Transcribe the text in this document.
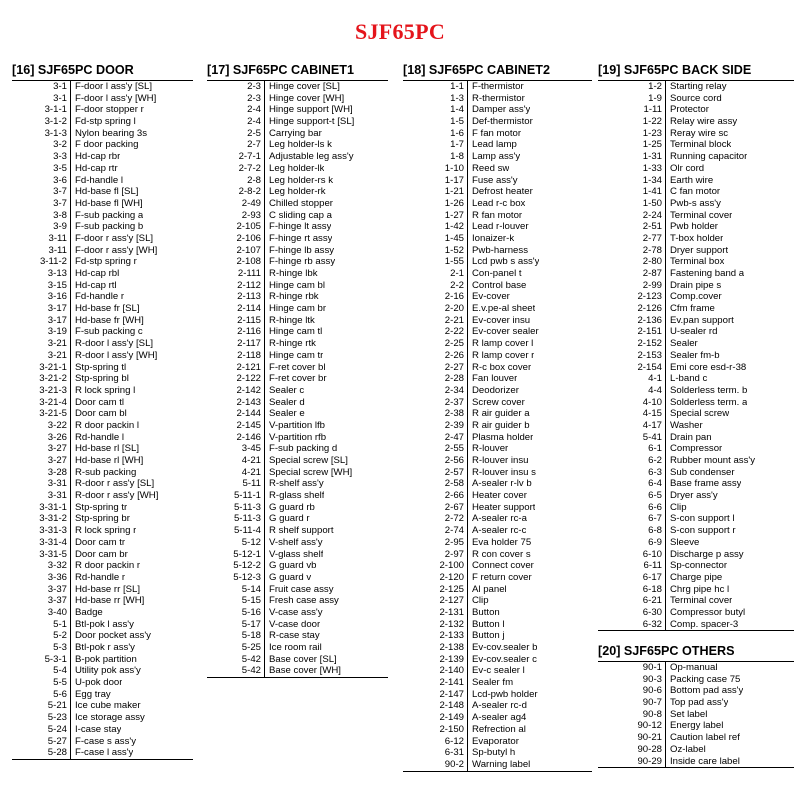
SJF65PC
[16] SJF65PC DOOR
3-1 F-door l ass'y [SL]
3-1 F-door l ass'y [WH]
3-1-1 F-door stopper r
3-1-2 Fd-stp spring l
3-1-3 Nylon bearing 3s
3-2 F door packing
3-3 Hd-cap rbr
3-5 Hd-cap rtr
3-6 Fd-handle l
3-7 Hd-base fl [SL]
3-7 Hd-base fl [WH]
3-8 F-sub packing a
3-9 F-sub packing b
3-11 F-door r ass'y [SL]
3-11 F-door r ass'y [WH]
3-11-2 Fd-stp spring r
3-13 Hd-cap rbl
3-15 Hd-cap rtl
3-16 Fd-handle r
3-17 Hd-base fr [SL]
3-17 Hd-base fr [WH]
3-19 F-sub packing c
3-21 R-door l ass'y [SL]
3-21 R-door l ass'y [WH]
3-21-1 Stp-spring tl
3-21-2 Stp-spring bl
3-21-3 R lock spring l
3-21-4 Door cam tl
3-21-5 Door cam bl
3-22 R door packin l
3-26 Rd-handle l
3-27 Hd-base rl [SL]
3-27 Hd-base rl [WH]
3-28 R-sub packing
3-31 R-door r ass'y [SL]
3-31 R-door r ass'y [WH]
3-31-1 Stp-spring tr
3-31-2 Stp-spring br
3-31-3 R lock spring r
3-31-4 Door cam tr
3-31-5 Door cam br
3-32 R door packin r
3-36 Rd-handle r
3-37 Hd-base rr [SL]
3-37 Hd-base rr [WH]
3-40 Badge
5-1 Btl-pok l ass'y
5-2 Door pocket ass'y
5-3 Btl-pok r ass'y
5-3-1 B-pok partition
5-4 Utility pok ass'y
5-5 U-pok door
5-6 Egg tray
5-21 Ice cube maker
5-23 Ice storage assy
5-24 I-case stay
5-27 F-case s ass'y
5-28 F-case l ass'y
[17] SJF65PC CABINET1
2-3 Hinge cover [SL]
2-3 Hinge cover [WH]
2-4 Hinge support [WH]
2-4 Hinge support-t [SL]
2-5 Carrying bar
2-7 Leg holder-ls k
2-7-1 Adjustable leg ass'y
2-7-2 Leg holder-lk
2-8 Leg holder-rs k
2-8-2 Leg holder-rk
2-49 Chilled stopper
2-93 C sliding cap a
2-105 F-hinge lt assy
2-106 F-hinge rt assy
2-107 F-hinge lb assy
2-108 F-hinge rb assy
2-111 R-hinge lbk
2-112 Hinge cam bl
2-113 R-hinge rbk
2-114 Hinge cam br
2-115 R-hinge ltk
2-116 Hinge cam tl
2-117 R-hinge rtk
2-118 Hinge cam tr
2-121 F-ret cover bl
2-122 F-ret cover br
2-142 Sealer c
2-143 Sealer d
2-144 Sealer e
2-145 V-partition lfb
2-146 V-partition rfb
3-45 F-sub packing d
4-21 Special screw [SL]
4-21 Special screw [WH]
5-11 R-shelf ass'y
5-11-1 R-glass shelf
5-11-3 G guard rb
5-11-3 G guard r
5-11-4 R shelf support
5-12 V-shelf ass'y
5-12-1 V-glass shelf
5-12-2 G guard vb
5-12-3 G guard v
5-14 Fruit case assy
5-15 Fresh case assy
5-16 V-case ass'y
5-17 V-case door
5-18 R-case stay
5-25 Ice room rail
5-42 Base cover [SL]
5-42 Base cover [WH]
[18] SJF65PC CABINET2
1-1 F-thermistor
1-3 R-thermistor
1-4 Damper ass'y
1-5 Def-thermistor
1-6 F fan motor
1-7 Lead lamp
1-8 Lamp ass'y
1-10 Reed sw
1-17 Fuse ass'y
1-21 Defrost heater
1-26 Lead r-c box
1-27 R fan motor
1-42 Lead r-louver
1-45 Ionaizer-k
1-52 Pwb-harness
1-55 Lcd pwb s ass'y
2-1 Con-panel t
2-2 Control base
2-16 Ev-cover
2-20 E.v.pe-al sheet
2-21 Ev-cover insu
2-22 Ev-cover sealer
2-25 R lamp cover l
2-26 R lamp cover r
2-27 R-c box cover
2-28 Fan louver
2-34 Deodorizer
2-37 Screw cover
2-38 R air guider a
2-39 R air guider b
2-47 Plasma holder
2-55 R-louver
2-56 R-louver insu
2-57 R-louver insu s
2-58 A-sealer r-lv b
2-66 Heater cover
2-67 Heater support
2-72 A-sealer rc-a
2-74 A-sealer rc-c
2-95 Eva holder 75
2-97 R con cover s
2-100 Connect cover
2-120 F return cover
2-125 Al panel
2-127 Clip
2-131 Button
2-132 Button l
2-133 Button j
2-138 Ev-cov.sealer b
2-139 Ev-cov.sealer c
2-140 Ev-c sealer l
2-141 Sealer fm
2-147 Lcd-pwb holder
2-148 A-sealer rc-d
2-149 A-sealer ag4
2-150 Refrection al
6-12 Evaporator
6-31 Sp-butyl h
90-2 Warning label
[19] SJF65PC BACK SIDE
1-2 Starting relay
1-9 Source cord
1-11 Protector
1-22 Relay wire assy
1-23 Reray wire sc
1-25 Terminal block
1-31 Running capacitor
1-33 Olr cord
1-34 Earth wire
1-41 C fan motor
1-50 Pwb-s ass'y
2-24 Terminal cover
2-51 Pwb holder
2-77 T-box holder
2-78 Dryer support
2-80 Terminal box
2-87 Fastening band a
2-99 Drain pipe s
2-123 Comp.cover
2-126 Cfm frame
2-136 Ev.pan support
2-151 U-sealer rd
2-152 Sealer
2-153 Sealer fm-b
2-154 Emi core esd-r-38
4-1 L-band c
4-4 Solderless term. b
4-10 Solderless term. a
4-15 Special screw
4-17 Washer
5-41 Drain pan
6-1 Compressor
6-2 Rubber mount ass'y
6-3 Sub condenser
6-4 Base frame assy
6-5 Dryer ass'y
6-6 Clip
6-7 S-con support l
6-8 S-con support r
6-9 Sleeve
6-10 Discharge p assy
6-11 Sp-connector
6-17 Charge pipe
6-18 Chrg pipe hc l
6-21 Terminal cover
6-30 Compressor butyl
6-32 Comp. spacer-3
[20] SJF65PC OTHERS
90-1 Op-manual
90-3 Packing case 75
90-6 Bottom pad ass'y
90-7 Top pad ass'y
90-8 Set label
90-12 Energy label
90-21 Caution label ref
90-28 Oz-label
90-29 Inside care label
